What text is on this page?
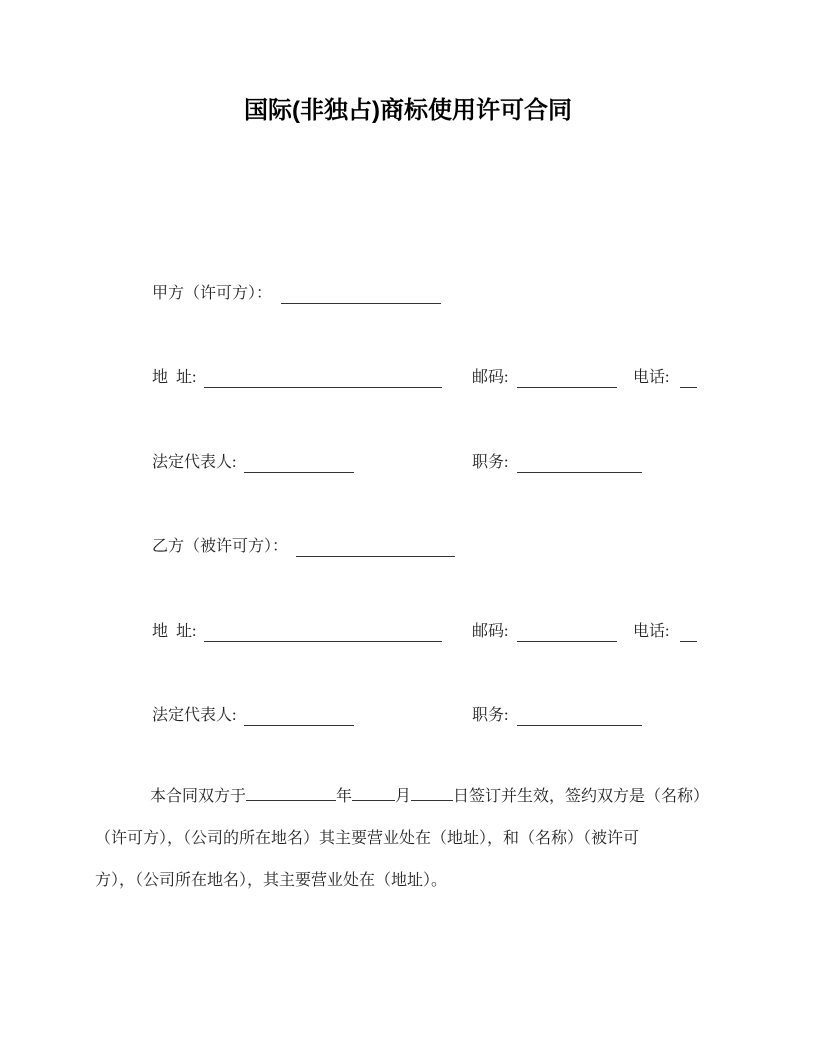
国际(非独占)商标使用许可合同
甲方（许可方）：
地 址:	邮码:	电话:
法定代表人:	职务:
乙方（被许可方）：
地 址:	邮码:	电话:
法定代表人:	职务:
本合同双方于	年	月	日签订并生效，签约双方是（名称）
（许可方），（公司的所在地名）其主要营业处在（地址），和（名称）（被许可
方），（公司所在地名），其主要营业处在（地址）。
